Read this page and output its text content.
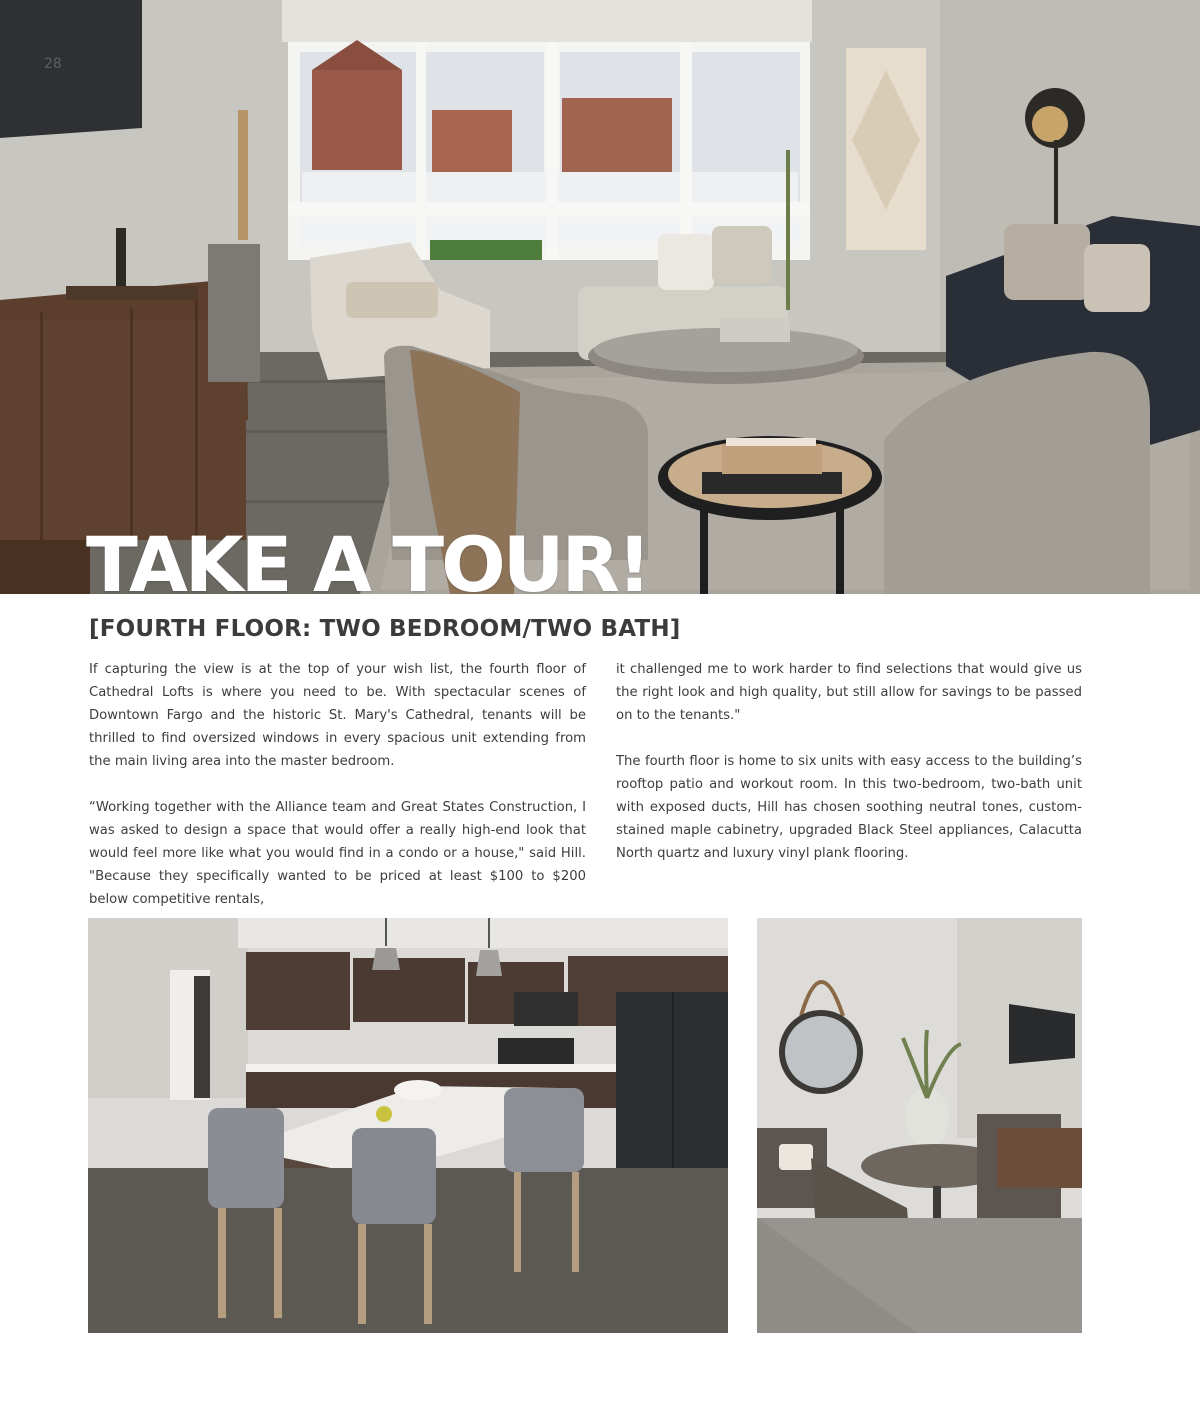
28
TAKE A TOUR!
[FOURTH FLOOR: TWO BEDROOM/TWO BATH]

If capturing the view is at the top of your wish list, the fourth floor of Cathedral Lofts is where you need to be. With spectacular scenes of Downtown Fargo and the historic St. Mary's Cathedral, tenants will be thrilled to find oversized windows in every spacious unit extending from the main living area into the master bedroom.

“Working together with the Alliance team and Great States Construction, I was asked to design a space that would offer a really high-end look that would feel more like what you would find in a condo or a house," said Hill. "Because they specifically wanted to be priced at least $100 to $200 below competitive rentals,

it challenged me to work harder to find selections that would give us the right look and high quality, but still allow for savings to be passed on to the tenants."

The fourth floor is home to six units with easy access to the building’s rooftop patio and workout room. In this two-bedroom, two-bath unit with exposed ducts, Hill has chosen soothing neutral tones, custom-stained maple cabinetry, upgraded Black Steel appliances, Calacutta North quartz and luxury vinyl plank flooring.
